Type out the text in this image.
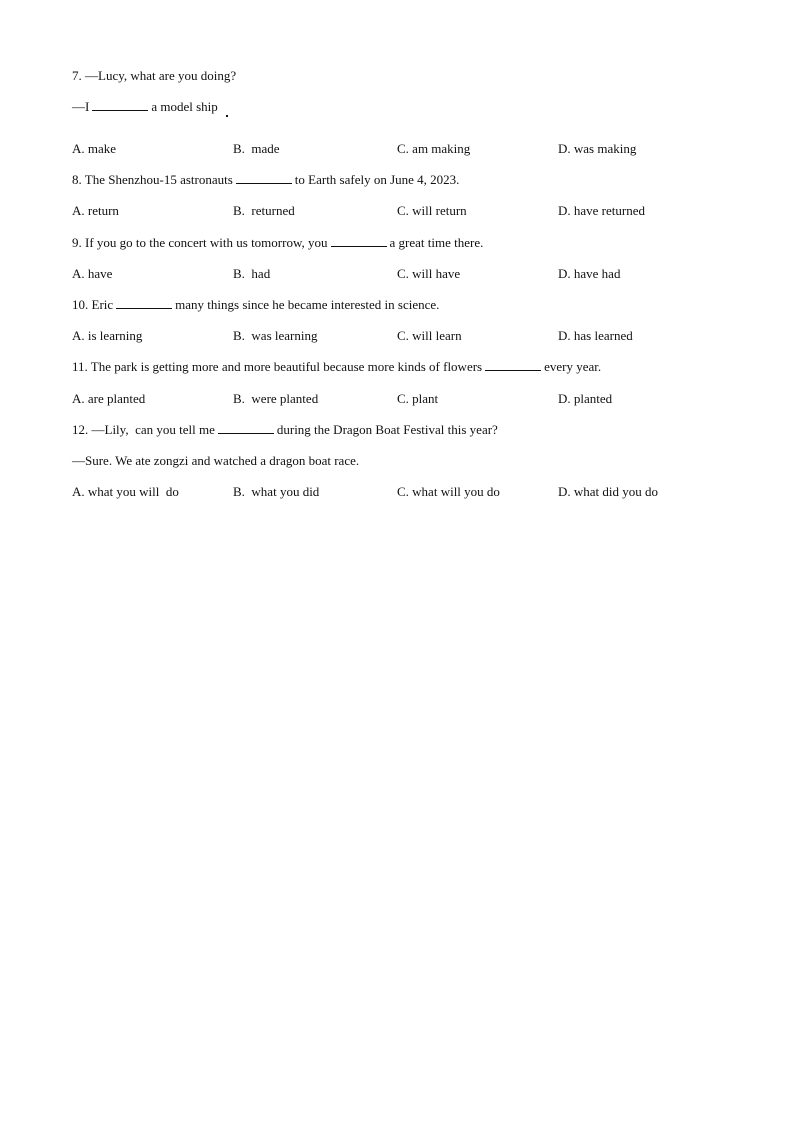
7. —Lucy, what are you doing?
—I	a model ship
A. make	B.  made	C. am making	D. was making
8. The Shenzhou-15 astronauts	to Earth safely on June 4, 2023.
A. return	B.  returned	C. will return	D. have returned
9. If you go to the concert with us tomorrow, you	a great time there.
A. have	B.  had	C. will have	D. have had
10. Eric	many things since he became interested in science.
A. is learning	B.  was learning	C. will learn	D. has learned
11. The park is getting more and more beautiful because more kinds of flowers	every year.
A. are planted	B.  were planted	C. plant	D. planted
12. —Lily,  can you tell me	during the Dragon Boat Festival this year?
—Sure. We ate zongzi and watched a dragon boat race.
A. what you will  do	B.  what you did	C. what will you do	D. what did you do
